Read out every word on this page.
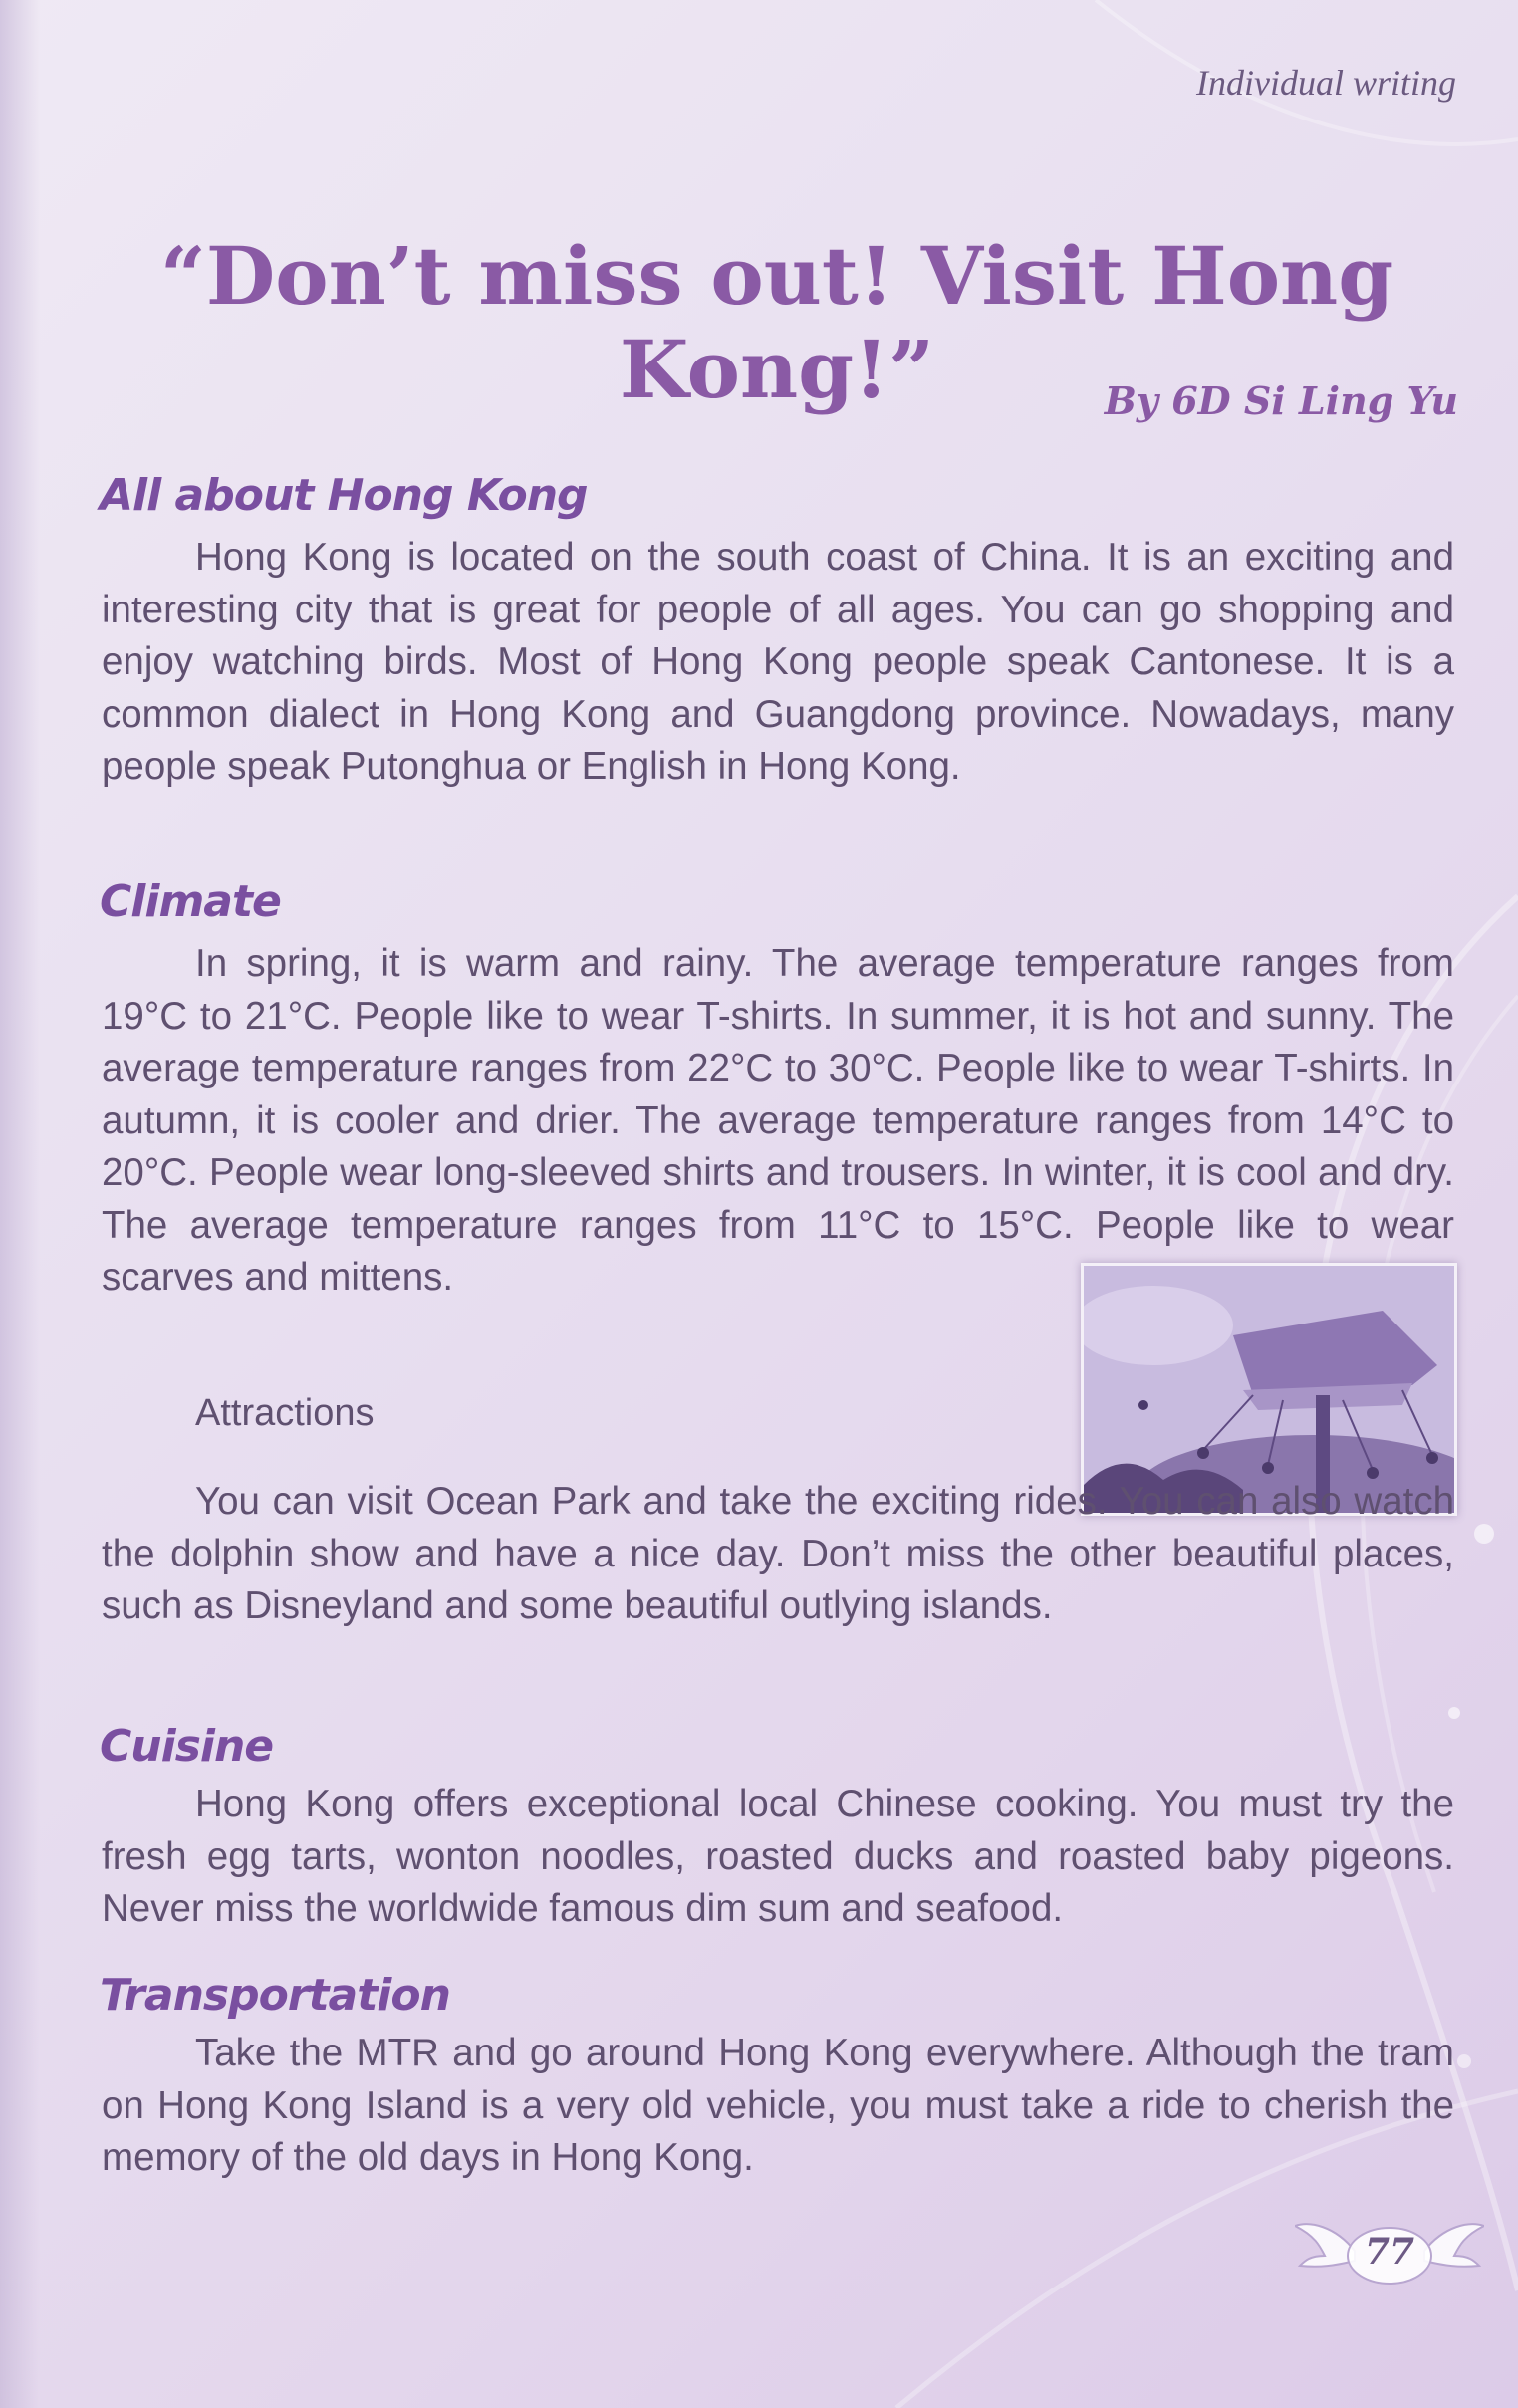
Individual writing
“Don’t miss out! Visit Hong Kong!”	By 6D Si Ling Yu
All about Hong Kong

Hong Kong is located on the south coast of China. It is an exciting and interesting city that is great for people of all ages. You can go shopping and enjoy watching birds. Most of Hong Kong people speak Cantonese. It is a common dialect in Hong Kong and Guangdong province. Nowadays, many people speak Putonghua or English in Hong Kong.

Climate

In spring, it is warm and rainy. The average temperature ranges from 19°C to 21°C. People like to wear T-shirts. In summer, it is hot and sunny. The average temperature ranges from 22°C to 30°C. People like to wear T-shirts. In autumn, it is cooler and drier. The average temperature ranges from 14°C to 20°C. People wear long-sleeved shirts and trousers. In winter, it is cool and dry. The average temperature ranges from 11°C to 15°C. People like to wear scarves and mittens.

Attractions

You can visit Ocean Park and take the exciting rides. You can also watch the dolphin show and have a nice day. Don’t miss the other beautiful places, such as Disneyland and some beautiful outlying islands.

Cuisine

Hong Kong offers exceptional local Chinese cooking. You must try the fresh egg tarts, wonton noodles, roasted ducks and roasted baby pigeons. Never miss the worldwide famous dim sum and seafood.

Transportation

Take the MTR and go around Hong Kong everywhere. Although the tram on Hong Kong Island is a very old vehicle, you must take a ride to cherish the memory of the old days in Hong Kong.

77
